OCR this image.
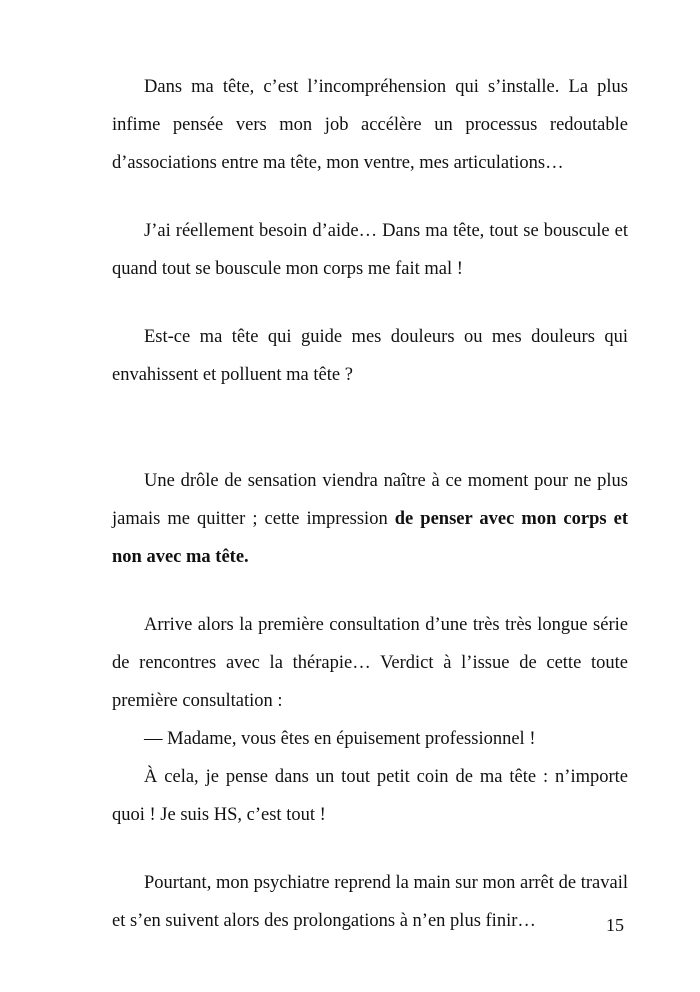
Dans ma tête, c’est l’incompréhension qui s’installe. La plus infime pensée vers mon job accélère un processus redoutable d’associations entre ma tête, mon ventre, mes articulations…

J’ai réellement besoin d’aide… Dans ma tête, tout se bouscule et quand tout se bouscule mon corps me fait mal !

Est-ce ma tête qui guide mes douleurs ou mes douleurs qui envahissent et polluent ma tête ?

Une drôle de sensation viendra naître à ce moment pour ne plus jamais me quitter ; cette impression de penser avec mon corps et non avec ma tête.

Arrive alors la première consultation d’une très très longue série de rencontres avec la thérapie… Verdict à l’issue de cette toute première consultation :

— Madame, vous êtes en épuisement professionnel !

À cela, je pense dans un tout petit coin de ma tête : n’importe quoi ! Je suis HS, c’est tout !

Pourtant, mon psychiatre reprend la main sur mon arrêt de travail et s’en suivent alors des prolongations à n’en plus finir…	15
